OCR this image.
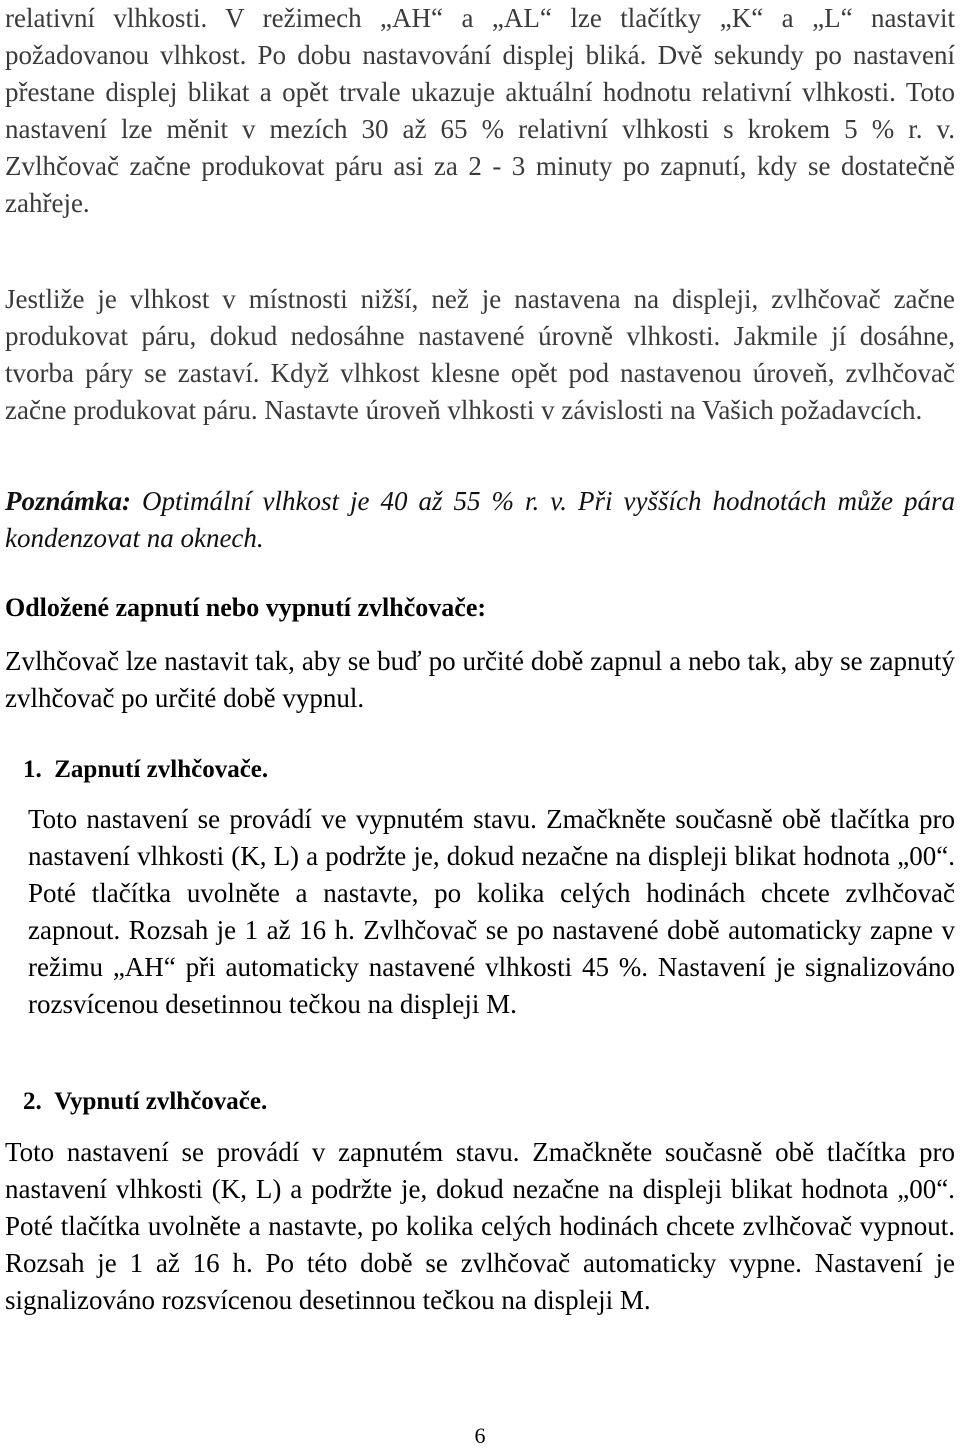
relativní vlhkosti. V režimech „AH“ a „AL“ lze tlačítky „K“ a „L“ nastavit požadovanou vlhkost. Po dobu nastavování displej bliká. Dvě sekundy po nastavení přestane displej blikat a opět trvale ukazuje aktuální hodnotu relativní vlhkosti. Toto nastavení lze měnit v mezích 30 až 65 % relativní vlhkosti s krokem 5 % r. v. Zvlhčovač začne produkovat páru asi za 2 - 3 minuty po zapnutí, kdy se dostatečně zahřeje.

Jestliže je vlhkost v místnosti nižší, než je nastavena na displeji, zvlhčovač začne produkovat páru, dokud nedosáhne nastavené úrovně vlhkosti. Jakmile jí dosáhne, tvorba páry se zastaví. Když vlhkost klesne opět pod nastavenou úroveň, zvlhčovač začne produkovat páru. Nastavte úroveň vlhkosti v závislosti na Vašich požadavcích.

Poznámka: Optimální vlhkost je 40 až 55 % r. v. Při vyšších hodnotách může pára kondenzovat na oknech.

Odložené zapnutí nebo vypnutí zvlhčovače:

Zvlhčovač lze nastavit tak, aby se buď po určité době zapnul a nebo tak, aby se zapnutý zvlhčovač po určité době vypnul.

1.  Zapnutí zvlhčovače.

Toto nastavení se provádí ve vypnutém stavu. Zmačkněte současně obě tlačítka pro nastavení vlhkosti (K, L) a podržte je, dokud nezačne na displeji blikat hodnota „00“. Poté tlačítka uvolněte a nastavte, po kolika celých hodinách chcete zvlhčovač zapnout. Rozsah je 1 až 16 h. Zvlhčovač se po nastavené době automaticky zapne v režimu „AH“ při automaticky nastavené vlhkosti 45 %. Nastavení je signalizováno rozsvícenou desetinnou tečkou na displeji M.

2.  Vypnutí zvlhčovače.

Toto nastavení se provádí v zapnutém stavu. Zmačkněte současně obě tlačítka pro nastavení vlhkosti (K, L) a podržte je, dokud nezačne na displeji blikat hodnota „00“. Poté tlačítka uvolněte a nastavte, po kolika celých hodinách chcete zvlhčovač vypnout. Rozsah je 1 až 16 h. Po této době se zvlhčovač automaticky vypne. Nastavení je signalizováno rozsvícenou desetinnou tečkou na displeji M.

6
